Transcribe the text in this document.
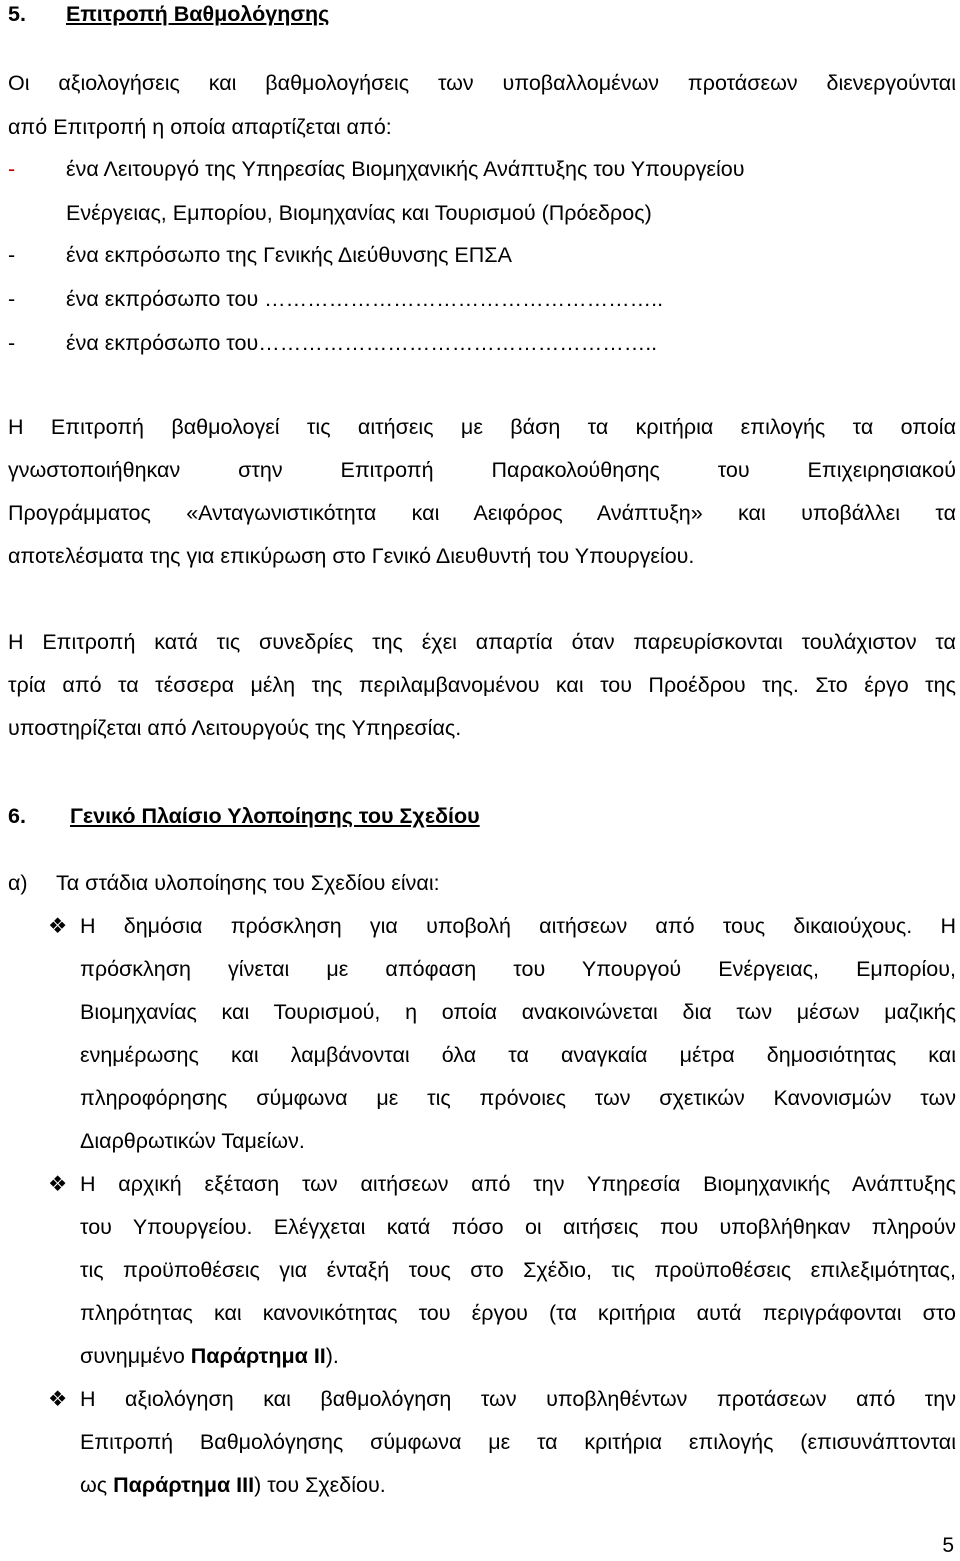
5. Επιτροπή Βαθμολόγησης
Οι αξιολογήσεις και βαθμολογήσεις των υποβαλλομένων προτάσεων διενεργούνται
από Επιτροπή η οποία απαρτίζεται από:
-	ένα Λειτουργό της Υπηρεσίας Βιομηχανικής Ανάπτυξης του Υπουργείου
Ενέργειας, Εμπορίου, Βιομηχανίας και Τουρισμού (Πρόεδρος)
-	ένα εκπρόσωπο της Γενικής Διεύθυνσης ΕΠΣΑ
-	ένα εκπρόσωπο του ………………………………………………..
-	ένα εκπρόσωπο του………………………………………………..
Η Επιτροπή βαθμολογεί τις αιτήσεις με βάση τα κριτήρια επιλογής τα οποία
γνωστοποιήθηκαν στην Επιτροπή Παρακολούθησης του Επιχειρησιακού
Προγράμματος «Ανταγωνιστικότητα και Αειφόρος Ανάπτυξη» και υποβάλλει τα
αποτελέσματα της για επικύρωση στο Γενικό Διευθυντή του Υπουργείου.
Η Επιτροπή κατά τις συνεδρίες της έχει απαρτία όταν παρευρίσκονται τουλάχιστον τα
τρία από τα τέσσερα μέλη της περιλαμβανομένου και του Προέδρου της. Στο έργο της
υποστηρίζεται από Λειτουργούς της Υπηρεσίας.
6. Γενικό Πλαίσιο Υλοποίησης του Σχεδίου
α) Τα στάδια υλοποίησης του Σχεδίου είναι:
❖ Η δημόσια πρόσκληση για υποβολή αιτήσεων από τους δικαιούχους. Η
πρόσκληση γίνεται με απόφαση του Υπουργού Ενέργειας, Εμπορίου,
Βιομηχανίας και Τουρισμού, η οποία ανακοινώνεται δια των μέσων μαζικής
ενημέρωσης και λαμβάνονται όλα τα αναγκαία μέτρα δημοσιότητας και
πληροφόρησης σύμφωνα με τις πρόνοιες των σχετικών Κανονισμών των
Διαρθρωτικών Ταμείων.
❖ Η αρχική εξέταση των αιτήσεων από την Υπηρεσία Βιομηχανικής Ανάπτυξης
του Υπουργείου. Ελέγχεται κατά πόσο οι αιτήσεις που υποβλήθηκαν πληρούν
τις προϋποθέσεις για ένταξή τους στο Σχέδιο, τις προϋποθέσεις επιλεξιμότητας,
πληρότητας και κανονικότητας του έργου (τα κριτήρια αυτά περιγράφονται στο
συνημμένο Παράρτημα ΙΙ).
❖ Η αξιολόγηση και βαθμολόγηση των υποβληθέντων προτάσεων από την
Επιτροπή Βαθμολόγησης σύμφωνα με τα κριτήρια επιλογής (επισυνάπτονται
ως Παράρτημα ΙΙΙ) του Σχεδίου.
5
